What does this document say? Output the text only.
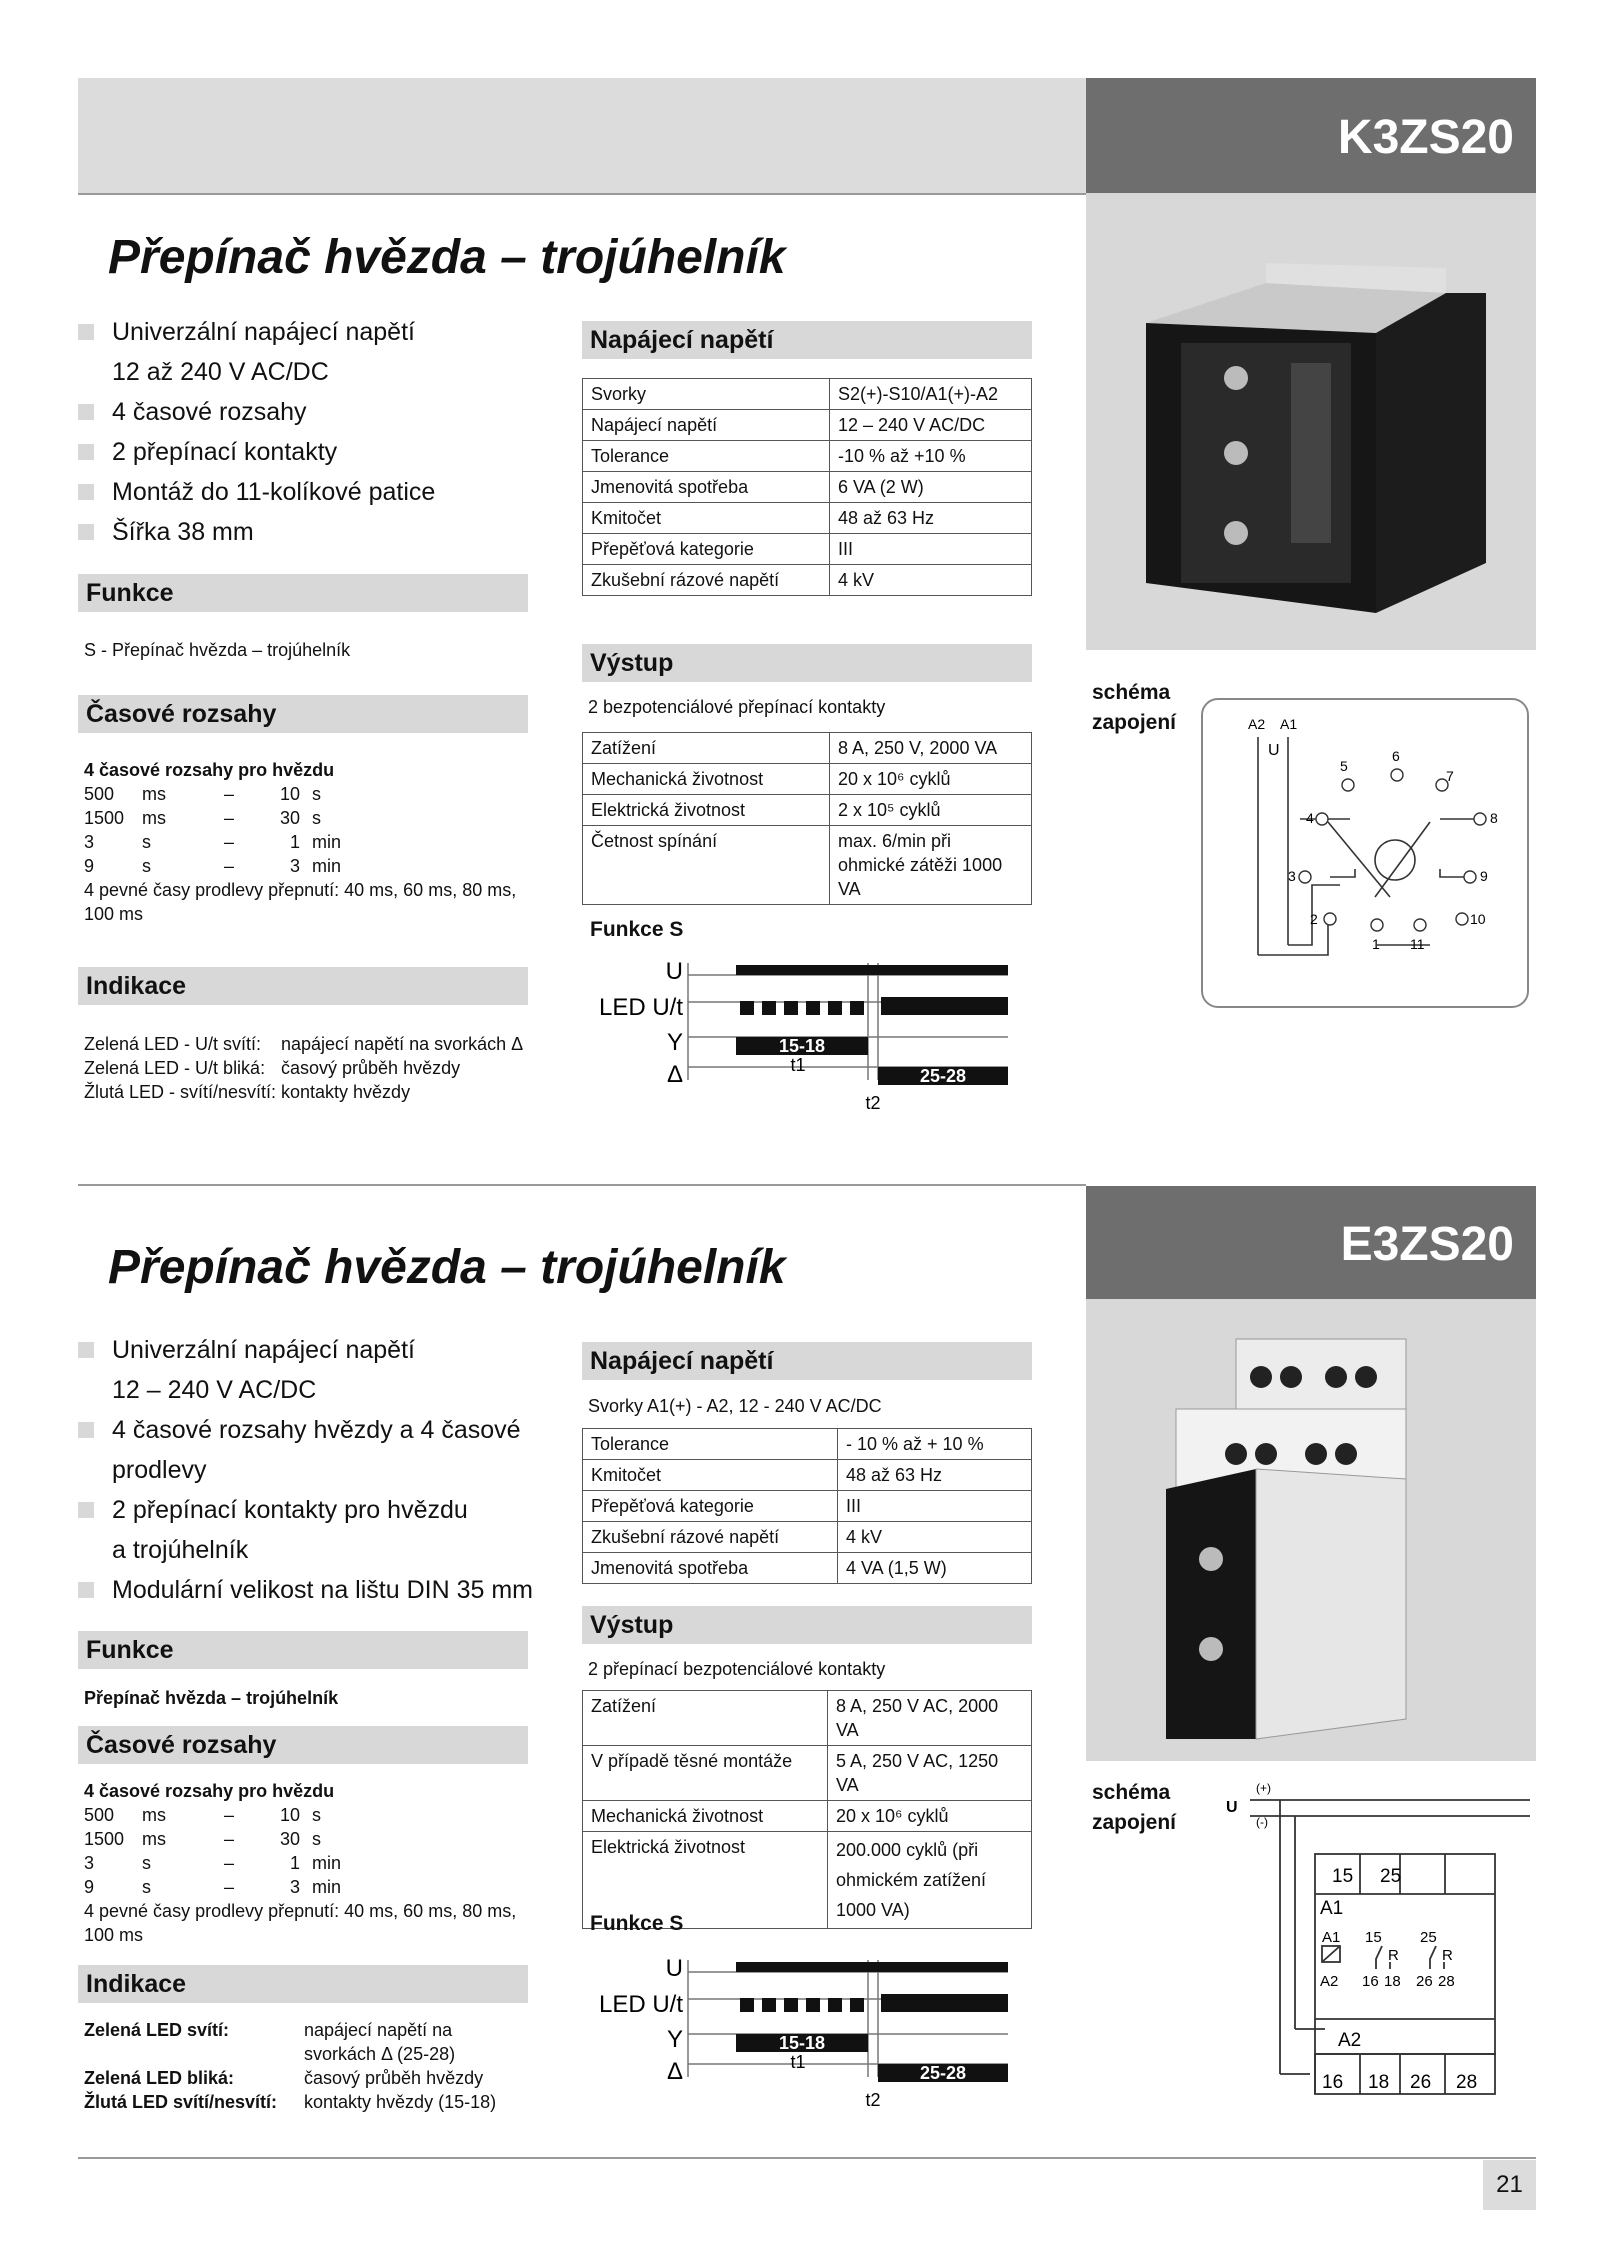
K3ZS20
Přepínač hvězda – trojúhelník
Univerzální napájecí napětí
12 až 240 V AC/DC
4 časové rozsahy
2 přepínací kontakty
Montáž do 11-kolíkové patice
Šířka 38 mm
Funkce
S - Přepínač hvězda – trojúhelník
Časové rozsahy
4 časové rozsahy pro hvězdu
500	ms	–	10 s
1500 ms	–	30 s
3	s	–	1 min
9	s	–	3 min
4 pevné časy prodlevy přepnutí: 40 ms, 60 ms, 80 ms, 100 ms
Indikace
Zelená LED - U/t svítí:	napájecí napětí na svorkách Δ
Zelená LED - U/t bliká: časový průběh hvězdy
Žlutá LED - svítí/nesvítí: kontakty hvězdy
Napájecí napětí
Svorky	S2(+)-S10/A1(+)-A2
Napájecí napětí	12 – 240 V AC/DC
Tolerance	-10 % až +10 %
Jmenovitá spotřeba	6 VA (2 W)
Kmitočet	48 až 63 Hz
Přepěťová kategorie	III
Zkušební rázové napětí	4 kV
Výstup
2 bezpotenciálové přepínací kontakty
Zatížení	8 A, 250 V, 2000 VA
Mechanická životnost	20 x 10⁶ cyklů
Elektrická životnost	2 x 10⁵ cyklů
Četnost spínání	max. 6/min při ohmické zátěži 1000 VA
Funkce S
U
LED U/t
Y
Δ
15-18
t1
25-28
t2
schéma
zapojení	A2 A1
U
1
2
3
4
5
6
7
8
9
10
11
E3ZS20
Přepínač hvězda – trojúhelník
Univerzální napájecí napětí
12 – 240 V AC/DC
4 časové rozsahy hvězdy a 4 časové
prodlevy
2 přepínací kontakty pro hvězdu
a trojúhelník
Modulární velikost na lištu DIN 35 mm
Funkce
Přepínač hvězda – trojúhelník
Časové rozsahy
4 časové rozsahy pro hvězdu
500	ms	–	10 s
1500 ms	–	30 s
3	s	–	1 min
9	s	–	3 min
4 pevné časy prodlevy přepnutí: 40 ms, 60 ms, 80 ms, 100 ms
Indikace
Zelená LED svítí:	napájecí napětí na svorkách Δ (25-28)
Zelená LED bliká:	časový průběh hvězdy
Žlutá LED svítí/nesvítí:	kontakty hvězdy (15-18)
Napájecí napětí
Svorky A1(+) - A2, 12 - 240 V AC/DC
Tolerance	- 10 % až + 10 %
Kmitočet	48 až 63 Hz
Přepěťová kategorie	III
Zkušební rázové napětí	4 kV
Jmenovitá spotřeba	4 VA (1,5 W)
Výstup
2 přepínací bezpotenciálové kontakty
Zatížení	8 A, 250 V AC, 2000 VA
V případě těsné montáže	5 A, 250 V AC, 1250 VA
Mechanická životnost	20 x 10⁶ cyklů
Elektrická životnost	200.000 cyklů (při ohmickém zatížení 1000 VA)
Funkce S
U
LED U/t
Y
Δ
15-18
t1
25-28
t2
schéma
zapojení
U
(+)
(-)
15 25
A1
A1 15	25
R	R
A2 16 18 26 28
A2
16 18 26 28
21
